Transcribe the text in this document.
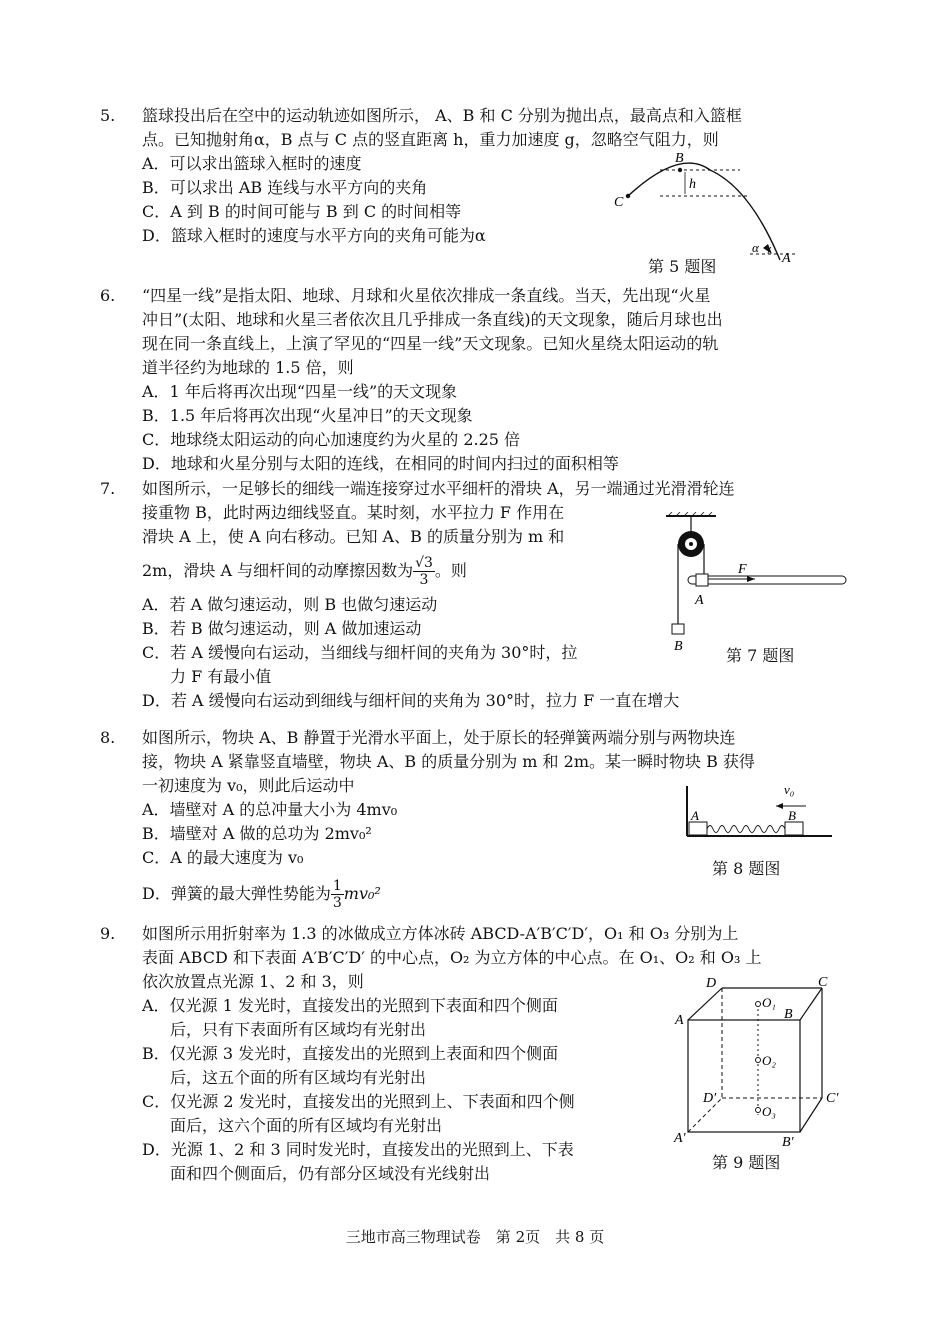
5.	篮球投出后在空中的运动轨迹如图所示， A、B 和 C 分别为抛出点，最高点和入篮框
点。已知抛射角α，B 点与 C 点的竖直距离 h，重力加速度 g，忽略空气阻力，则
A．可以求出篮球入框时的速度
B．可以求出 AB 连线与水平方向的夹角
C．A 到 B 的时间可能与 B 到 C 的时间相等
D．篮球入框时的速度与水平方向的夹角可能为α
B
h
C
α
A
第 5 题图
6.	“四星一线”是指太阳、地球、月球和火星依次排成一条直线。当天，先出现“火星
冲日”(太阳、地球和火星三者依次且几乎排成一条直线)的天文现象，随后月球也出
现在同一条直线上，上演了罕见的“四星一线”天文现象。已知火星绕太阳运动的轨
道半径约为地球的 1.5 倍，则
A．1 年后将再次出现“四星一线”的天文现象
B．1.5 年后将再次出现“火星冲日”的天文现象
C．地球绕太阳运动的向心加速度约为火星的 2.25 倍
D．地球和火星分别与太阳的连线，在相同的时间内扫过的面积相等
7.	如图所示，一足够长的细线一端连接穿过水平细杆的滑块 A，另一端通过光滑滑轮连
接重物 B，此时两边细线竖直。某时刻，水平拉力 F 作用在
滑块 A 上，使 A 向右移动。已知 A、B 的质量分别为 m 和
2m，滑块 A 与细杆间的动摩擦因数为 $\frac{√3}{3}$ 。则
A．若 A 做匀速运动，则 B 也做匀速运动
B．若 B 做匀速运动，则 A 做加速运动
C．若 A 缓慢向右运动，当细线与细杆间的夹角为 30°时，拉
力 F 有最小值
D．若 A 缓慢向右运动到细线与细杆间的夹角为 30°时，拉力 F 一直在增大
F
A
B	第 7 题图
8.	如图所示，物块 A、B 静置于光滑水平面上，处于原长的轻弹簧两端分别与两物块连
接，物块 A 紧靠竖直墙壁，物块 A、B 的质量分别为 m 和 2m。某一瞬时物块 B 获得
一初速度为 v₀，则此后运动中
A．墙壁对 A 的总冲量大小为 4mv₀
B．墙壁对 A 做的总功为 2mv₀²
C．A 的最大速度为 v₀
D．弹簧的最大弹性势能为 $\frac{1}{3} mv_0^2$
v₀
A	B
第 8 题图
9.	如图所示用折射率为 1.3 的冰做成立方体冰砖 ABCD-A′B′C′D′，O₁ 和 O₃ 分别为上
表面 ABCD 和下表面 A′B′C′D′ 的中心点，O₂ 为立方体的中心点。在 O₁、O₂ 和 O₃ 上
依次放置点光源 1、2 和 3，则
A．仅光源 1 发光时，直接发出的光照到下表面和四个侧面
后，只有下表面所有区域均有光射出
B．仅光源 3 发光时，直接发出的光照到上表面和四个侧面
后，这五个面的所有区域均有光射出
C．仅光源 2 发光时，直接发出的光照到上、下表面和四个侧
面后，这六个面的所有区域均有光射出
D．光源 1、2 和 3 同时发光时，直接发出的光照到上、下表
面和四个侧面后，仍有部分区域没有光线射出
D	C
O₁
A	B
O₂
D′	C′
O₃
A′	B′
第 9 题图
三地市高三物理试卷　第 2页　共 8 页
